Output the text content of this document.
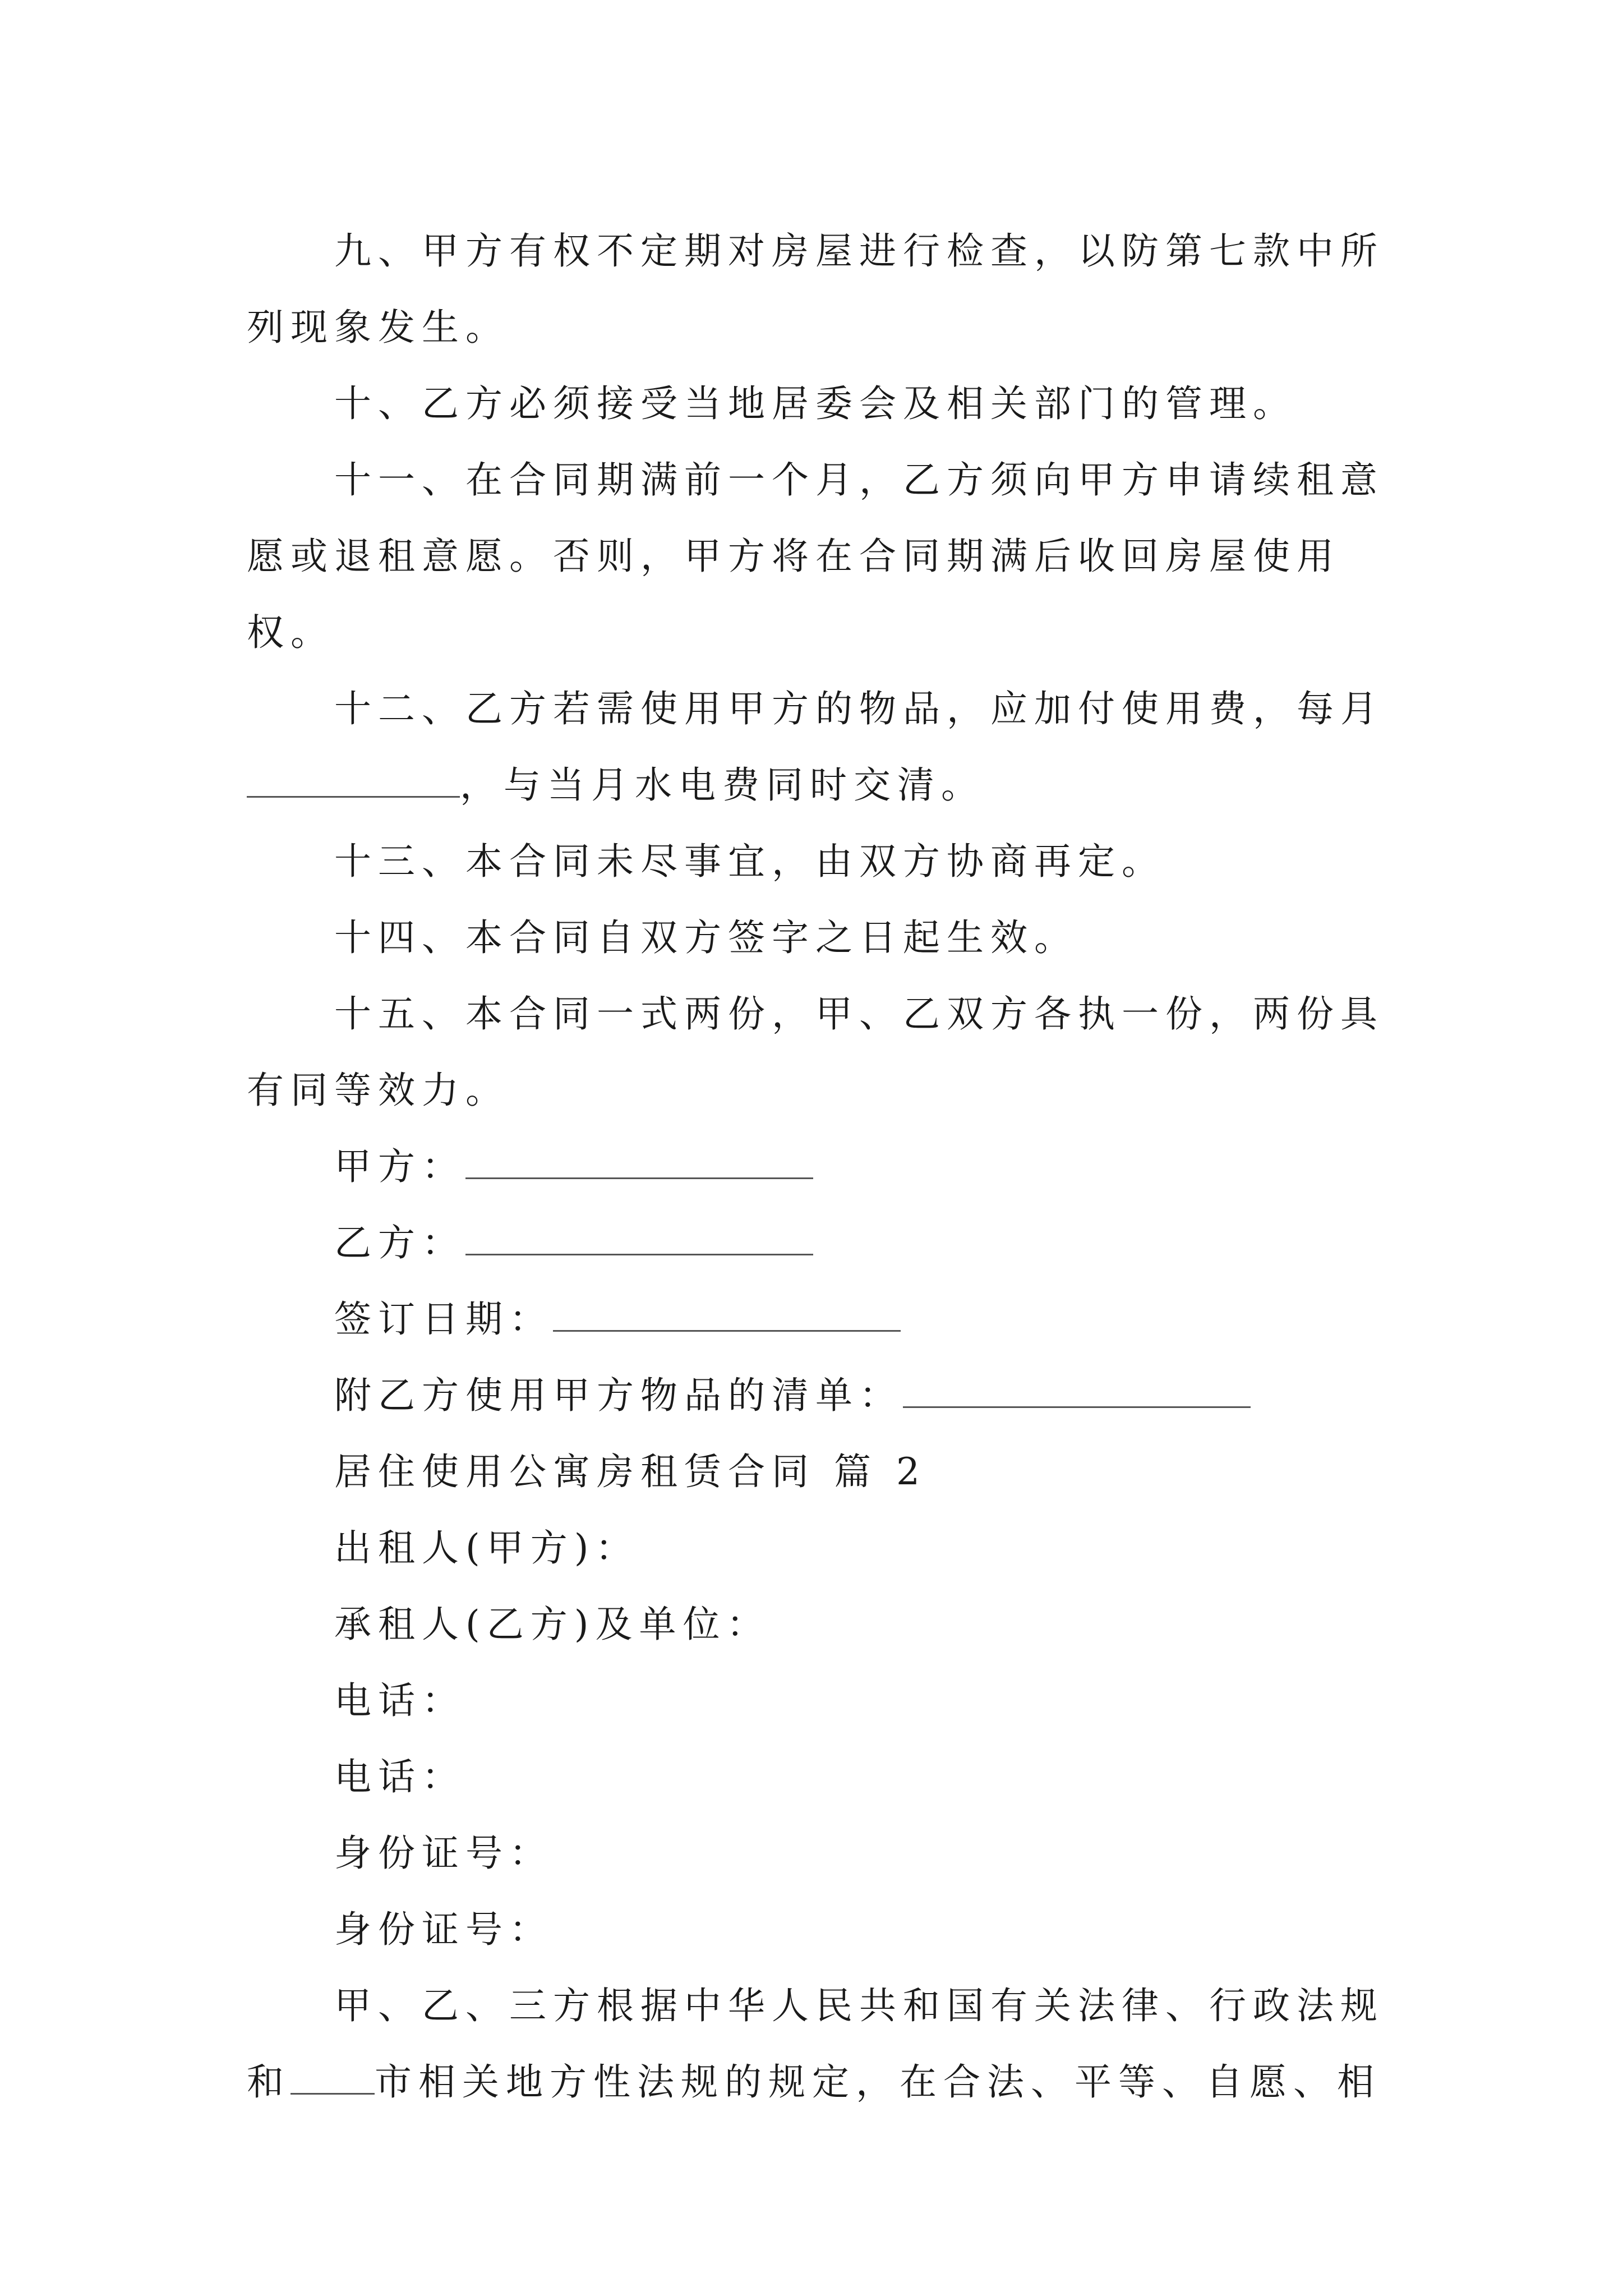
九、甲方有权不定期对房屋进行检查，以防第七款中所列现象发生。

十、乙方必须接受当地居委会及相关部门的管理。

十一、在合同期满前一个月，乙方须向甲方申请续租意愿或退租意愿。否则，甲方将在合同期满后收回房屋使用权。

十二、乙方若需使用甲方的物品，应加付使用费，每月，与当月水电费同时交清。

十三、本合同未尽事宜，由双方协商再定。

十四、本合同自双方签字之日起生效。

十五、本合同一式两份，甲、乙双方各执一份，两份具有同等效力。

甲方：

乙方：

签订日期：

附乙方使用甲方物品的清单：

居住使用公寓房租赁合同 篇 2

出租人(甲方)：

承租人(乙方)及单位：

电话：

电话：

身份证号：

身份证号：

甲、乙、三方根据中华人民共和国有关法律、行政法规和 市相关地方性法规的规定，在合法、平等、自愿、相
